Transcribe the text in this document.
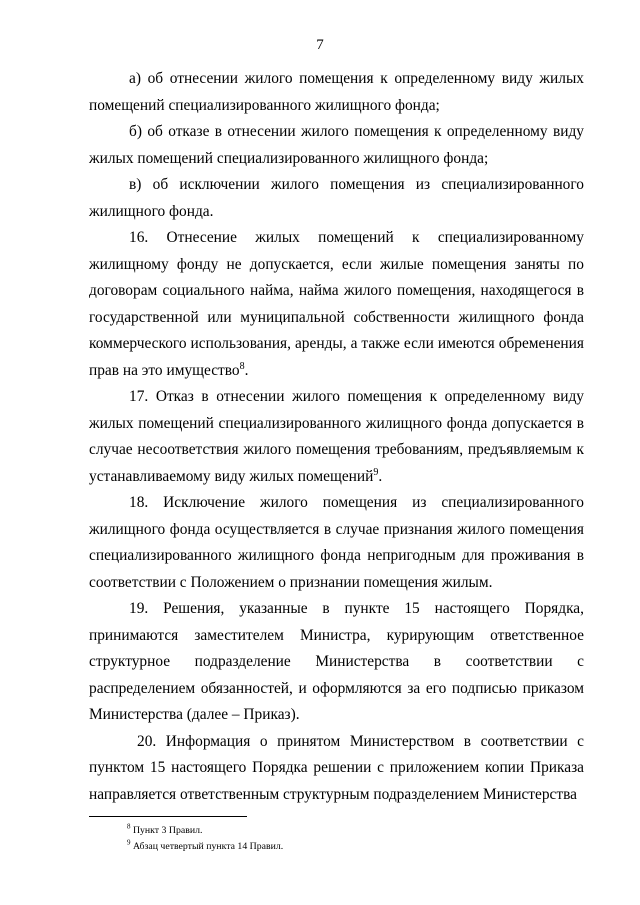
7

а) об отнесении жилого помещения к определенному виду жилых помещений специализированного жилищного фонда;

б) об отказе в отнесении жилого помещения к определенному виду жилых помещений специализированного жилищного фонда;

в) об исключении жилого помещения из специализированного жилищного фонда.

16. Отнесение жилых помещений к специализированному жилищному фонду не допускается, если жилые помещения заняты по договорам социального найма, найма жилого помещения, находящегося в государственной или муниципальной собственности жилищного фонда коммерческого использования, аренды, а также если имеются обременения прав на это имущество$^8$.

17. Отказ в отнесении жилого помещения к определенному виду жилых помещений специализированного жилищного фонда допускается в случае несоответствия жилого помещения требованиям, предъявляемым к устанавливаемому виду жилых помещений$^9$.

18. Исключение жилого помещения из специализированного жилищного фонда осуществляется в случае признания жилого помещения специализированного жилищного фонда непригодным для проживания в соответствии с Положением о признании помещения жилым.

19. Решения, указанные в пункте 15 настоящего Порядка, принимаются заместителем Министра, курирующим ответственное структурное подразделение Министерства в соответствии с распределением обязанностей, и оформляются за его подписью приказом Министерства (далее – Приказ).

20. Информация о принятом Министерством в соответствии с пунктом 15 настоящего Порядка решении с приложением копии Приказа направляется ответственным структурным подразделением Министерства

$^8$ Пункт 3 Правил.
$^9$ Абзац четвертый пункта 14 Правил.
